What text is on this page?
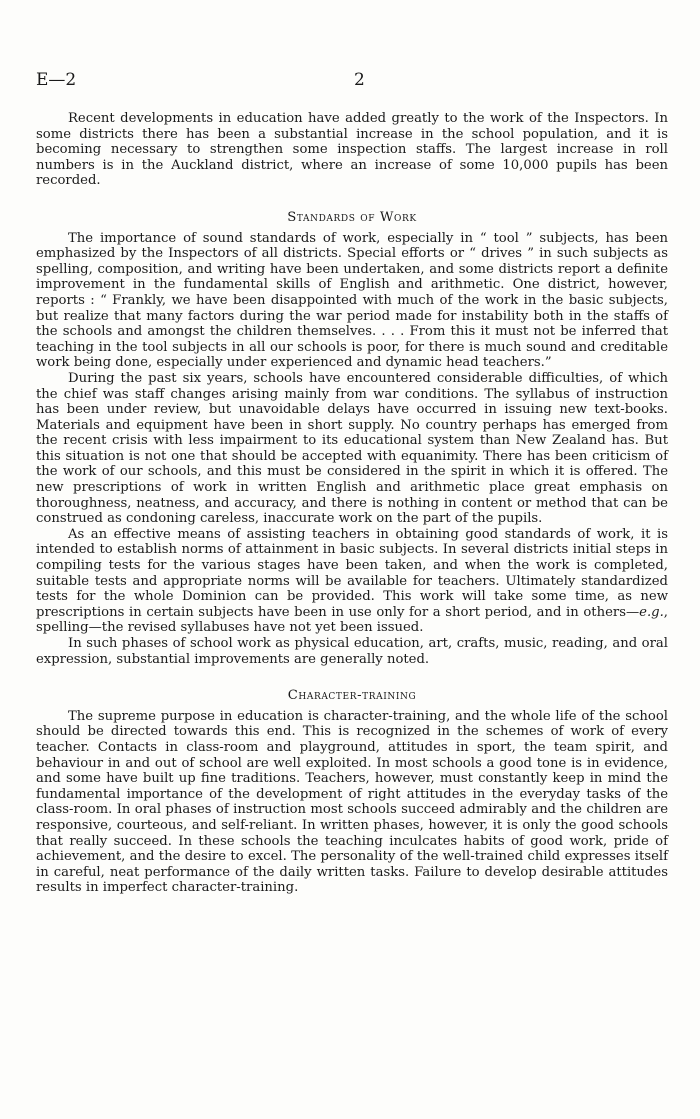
E—2	2

Recent developments in education have added greatly to the work of the Inspectors. In some districts there has been a substantial increase in the school population, and it is becoming necessary to strengthen some inspection staffs. The largest increase in roll numbers is in the Auckland district, where an increase of some 10,000 pupils has been recorded.

Standards of Work

The importance of sound standards of work, especially in “ tool ” subjects, has been emphasized by the Inspectors of all districts. Special efforts or “ drives ” in such subjects as spelling, composition, and writing have been undertaken, and some districts report a definite improvement in the fundamental skills of English and arithmetic. One district, however, reports : “ Frankly, we have been disappointed with much of the work in the basic subjects, but realize that many factors during the war period made for instability both in the staffs of the schools and amongst the children themselves. . . . From this it must not be inferred that teaching in the tool subjects in all our schools is poor, for there is much sound and creditable work being done, especially under experienced and dynamic head teachers.”

During the past six years, schools have encountered considerable difficulties, of which the chief was staff changes arising mainly from war conditions. The syllabus of instruction has been under review, but unavoidable delays have occurred in issuing new text-books. Materials and equipment have been in short supply. No country perhaps has emerged from the recent crisis with less impairment to its educational system than New Zealand has. But this situation is not one that should be accepted with equanimity. There has been criticism of the work of our schools, and this must be considered in the spirit in which it is offered. The new prescriptions of work in written English and arithmetic place great emphasis on thoroughness, neatness, and accuracy, and there is nothing in content or method that can be construed as condoning careless, inaccurate work on the part of the pupils.

As an effective means of assisting teachers in obtaining good standards of work, it is intended to establish norms of attainment in basic subjects. In several districts initial steps in compiling tests for the various stages have been taken, and when the work is completed, suitable tests and appropriate norms will be available for teachers. Ultimately standardized tests for the whole Dominion can be provided. This work will take some time, as new prescriptions in certain subjects have been in use only for a short period, and in others—e.g., spelling—the revised syllabuses have not yet been issued.

In such phases of school work as physical education, art, crafts, music, reading, and oral expression, substantial improvements are generally noted.

Character-training

The supreme purpose in education is character-training, and the whole life of the school should be directed towards this end. This is recognized in the schemes of work of every teacher. Contacts in class-room and playground, attitudes in sport, the team spirit, and behaviour in and out of school are well exploited. In most schools a good tone is in evidence, and some have built up fine traditions. Teachers, however, must constantly keep in mind the fundamental importance of the development of right attitudes in the everyday tasks of the class-room. In oral phases of instruction most schools succeed admirably and the children are responsive, courteous, and self-reliant. In written phases, however, it is only the good schools that really succeed. In these schools the teaching inculcates habits of good work, pride of achievement, and the desire to excel. The personality of the well-trained child expresses itself in careful, neat performance of the daily written tasks. Failure to develop desirable attitudes results in imperfect character-training.
